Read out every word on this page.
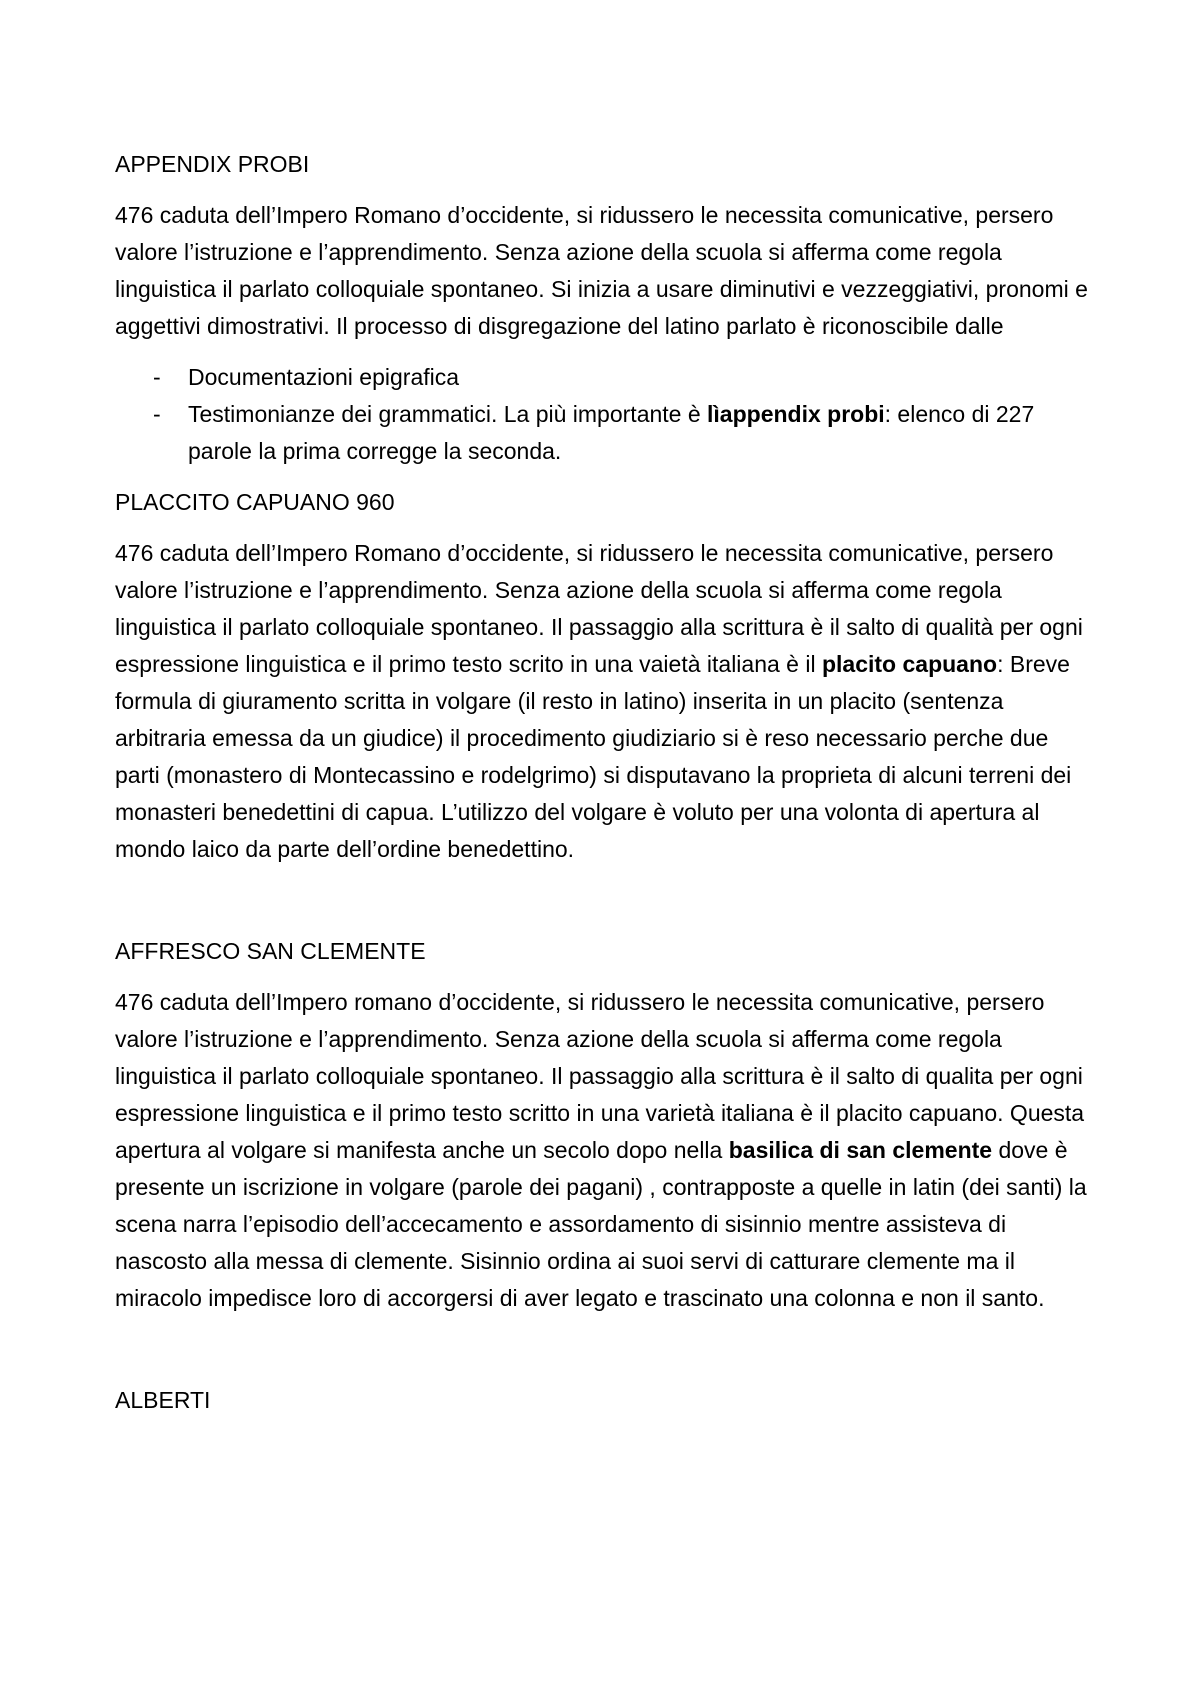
APPENDIX PROBI
476 caduta dell’Impero Romano d’occidente, si ridussero le necessita comunicative, persero valore l’istruzione e l’apprendimento. Senza azione della scuola si afferma come regola linguistica il parlato colloquiale spontaneo. Si inizia a usare diminutivi e vezzeggiativi, pronomi e aggettivi dimostrativi. Il processo di disgregazione del latino parlato è riconoscibile dalle
- Documentazioni epigrafica
- Testimonianze dei grammatici. La più importante è lìappendix probi: elenco di 227 parole la prima corregge la seconda.
PLACCITO CAPUANO 960
476 caduta dell’Impero Romano d’occidente, si ridussero le necessita comunicative, persero valore l’istruzione e l’apprendimento. Senza azione della scuola si afferma come regola linguistica il parlato colloquiale spontaneo. Il passaggio alla scrittura è il salto di qualità per ogni espressione linguistica e il primo testo scrito in una vaietà italiana è il placito capuano: Breve formula di giuramento scritta in volgare (il resto in latino) inserita in un placito (sentenza arbitraria emessa da un giudice) il procedimento giudiziario si è reso necessario perche due parti (monastero di Montecassino e rodelgrimo) si disputavano la proprieta di alcuni terreni dei monasteri benedettini di capua. L’utilizzo del volgare è voluto per una volonta di apertura al mondo laico da parte dell’ordine benedettino.
AFFRESCO SAN CLEMENTE
476 caduta dell’Impero romano d’occidente, si ridussero le necessita comunicative, persero valore l’istruzione e l’apprendimento. Senza azione della scuola si afferma come regola linguistica il parlato colloquiale spontaneo. Il passaggio alla scrittura è il salto di qualita per ogni espressione linguistica e il primo testo scritto in una varietà italiana è il placito capuano. Questa apertura al volgare si manifesta anche un secolo dopo nella basilica di san clemente dove è presente un iscrizione in volgare (parole dei pagani) , contrapposte a quelle in latin (dei santi) la scena narra l’episodio dell’accecamento e assordamento di sisinnio mentre assisteva di nascosto alla messa di clemente. Sisinnio ordina ai suoi servi di catturare clemente ma il miracolo impedisce loro di accorgersi di aver legato e trascinato una colonna e non il santo.
ALBERTI
